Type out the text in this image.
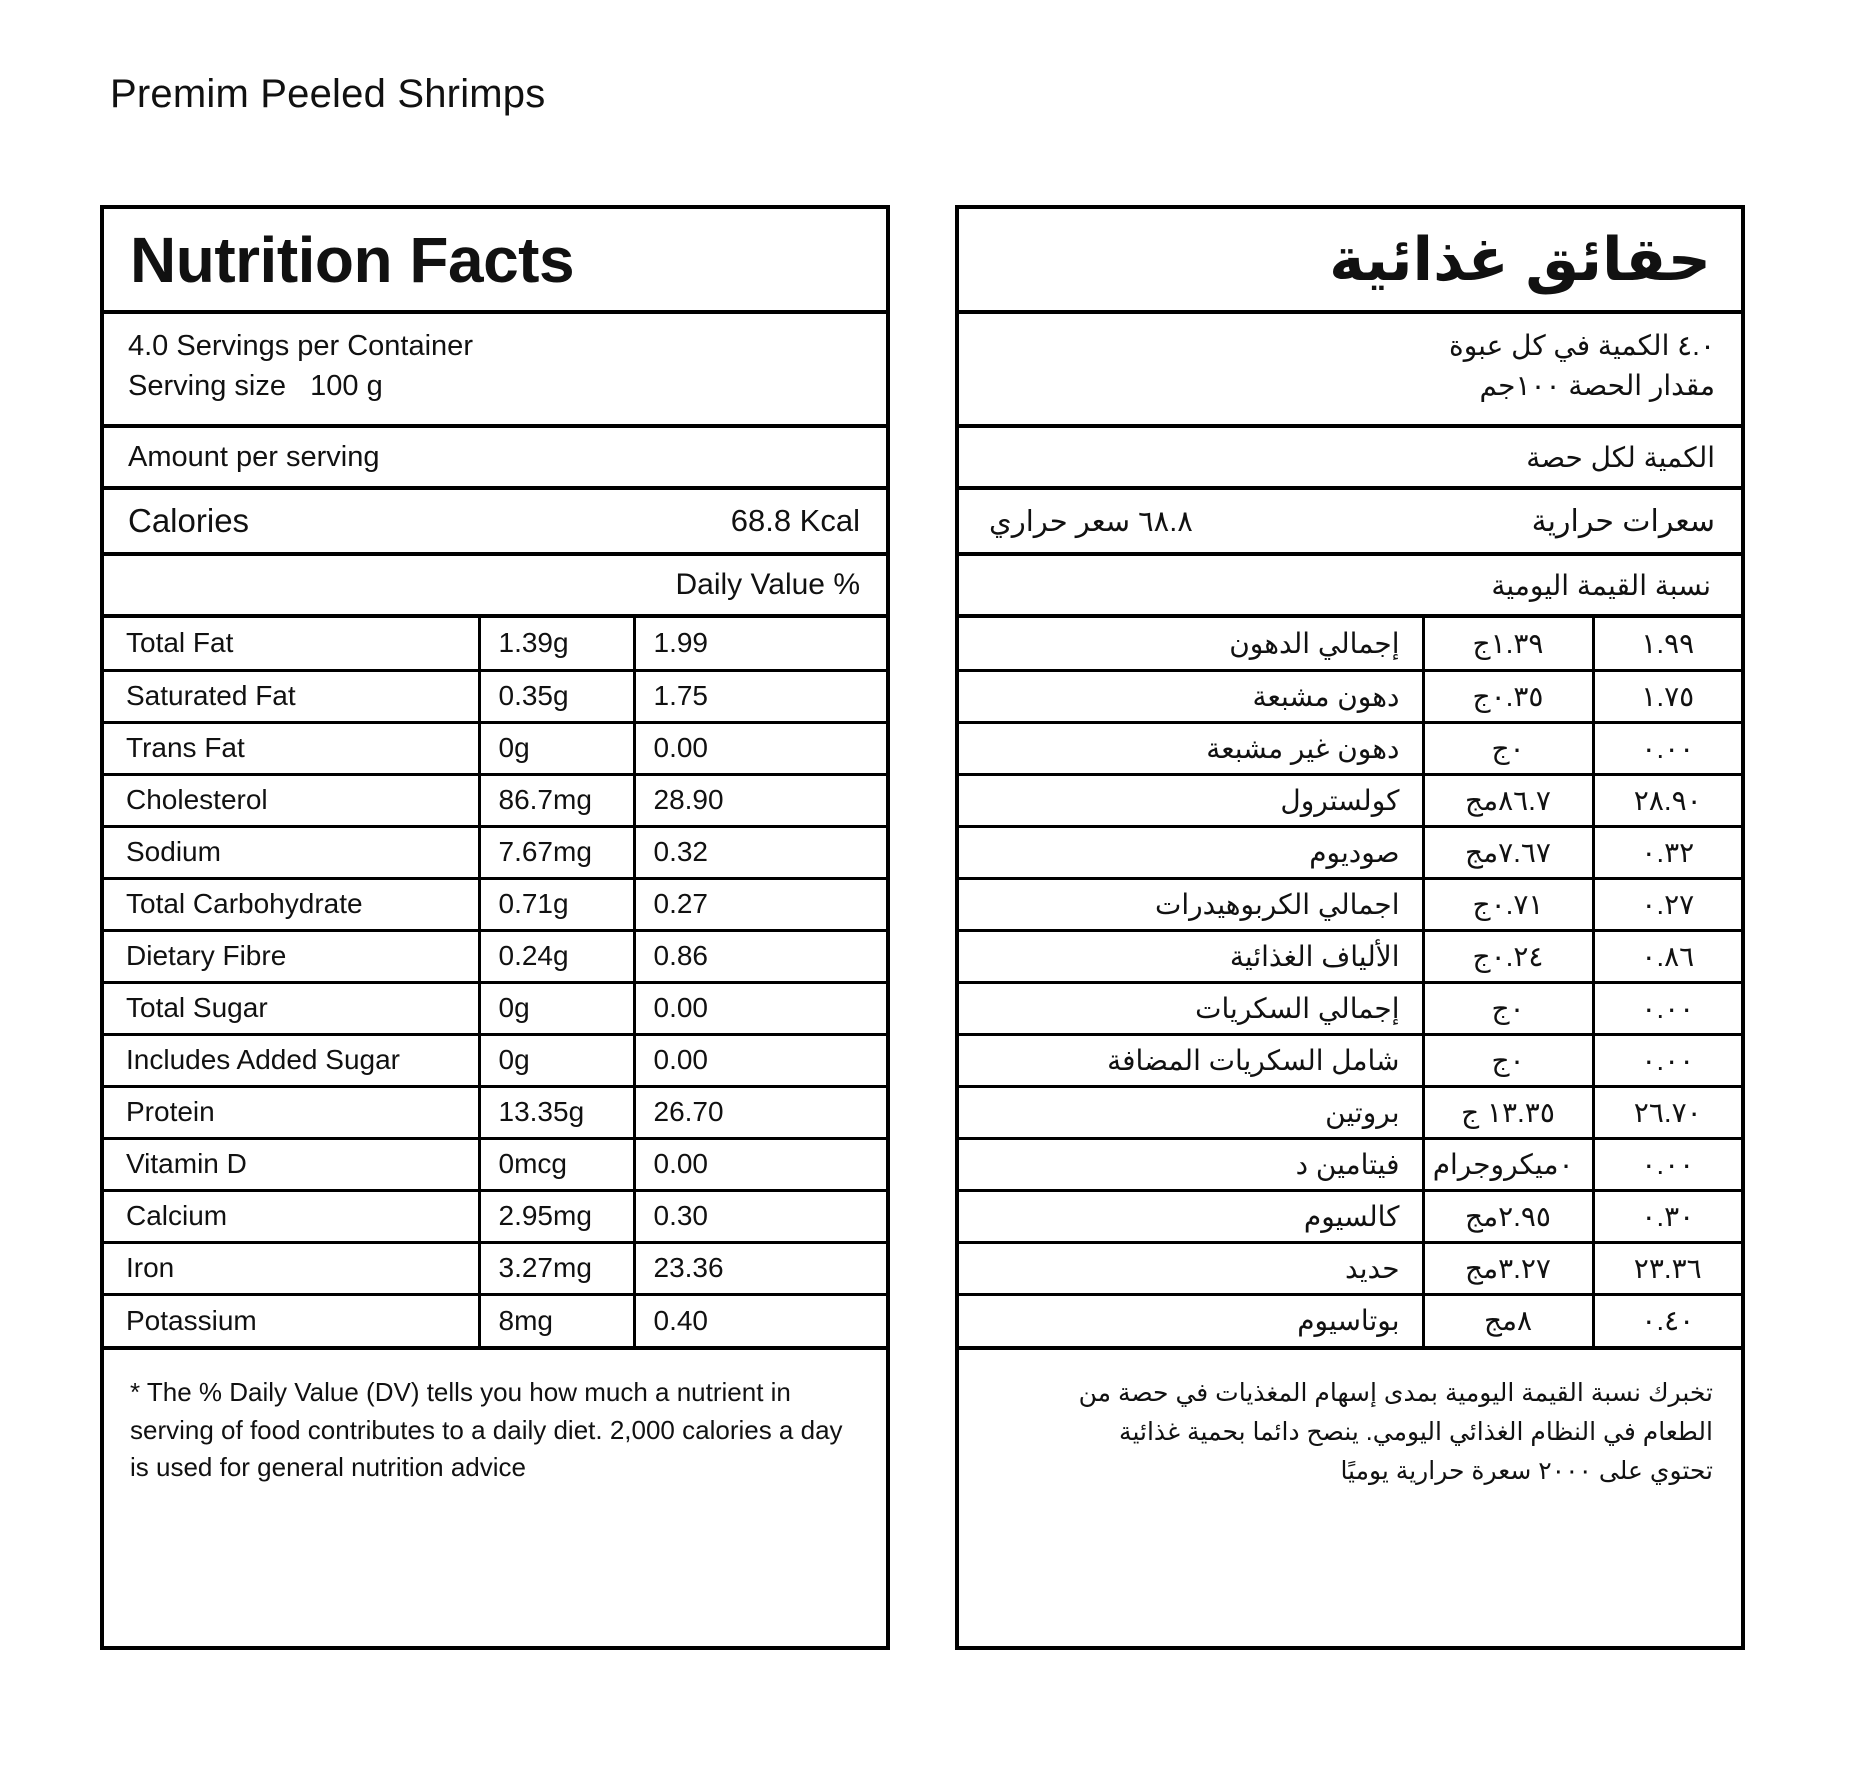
Premim Peeled Shrimps
Nutrition Facts
4.0 Servings per Container
Serving size   100 g
Amount per serving
Calories	68.8 Kcal
Daily Value %
Total Fat	1.39g	1.99
Saturated Fat	0.35g	1.75
Trans Fat	0g	0.00
Cholesterol	86.7mg	28.90
Sodium	7.67mg	0.32
Total Carbohydrate	0.71g	0.27
Dietary Fibre	0.24g	0.86
Total Sugar	0g	0.00
Includes Added Sugar	0g	0.00
Protein	13.35g	26.70
Vitamin D	0mcg	0.00
Calcium	2.95mg	0.30
Iron	3.27mg	23.36
Potassium	8mg	0.40
* The % Daily Value (DV) tells you how much a nutrient in serving of food contributes to a daily diet. 2,000 calories a day is used for general nutrition advice
حقائق غذائية
٤.٠ الكمية في كل عبوة
مقدار الحصة ١٠٠جم
الكمية لكل حصة
سعرات حرارية
٦٨.٨ سعر حراري
نسبة القيمة اليومية
١.٩٩	١.٣٩ج	إجمالي الدهون
١.٧٥	٠.٣٥ج	دهون مشبعة
٠.٠٠	٠ج	دهون غير مشبعة
٢٨.٩٠	٨٦.٧مج	كولسترول
٠.٣٢	٧.٦٧مج	صوديوم
٠.٢٧	٠.٧١ج	اجمالي الكربوهيدرات
٠.٨٦	٠.٢٤ج	الألياف الغذائية
٠.٠٠	٠ج	إجمالي السكريات
٠.٠٠	٠ج	شامل السكريات المضافة
٢٦.٧٠	١٣.٣٥ ج	بروتين
٠.٠٠	٠ميكروجرام	فيتامين د
٠.٣٠	٢.٩٥مج	كالسيوم
٢٣.٣٦	٣.٢٧مج	حديد
٠.٤٠	٨مج	بوتاسيوم
تخبرك نسبة القيمة اليومية بمدى إسهام المغذيات في حصة من
الطعام في النظام الغذائي اليومي. ينصح دائما بحمية غذائية
تحتوي على ٢٠٠٠ سعرة حرارية يوميًا
